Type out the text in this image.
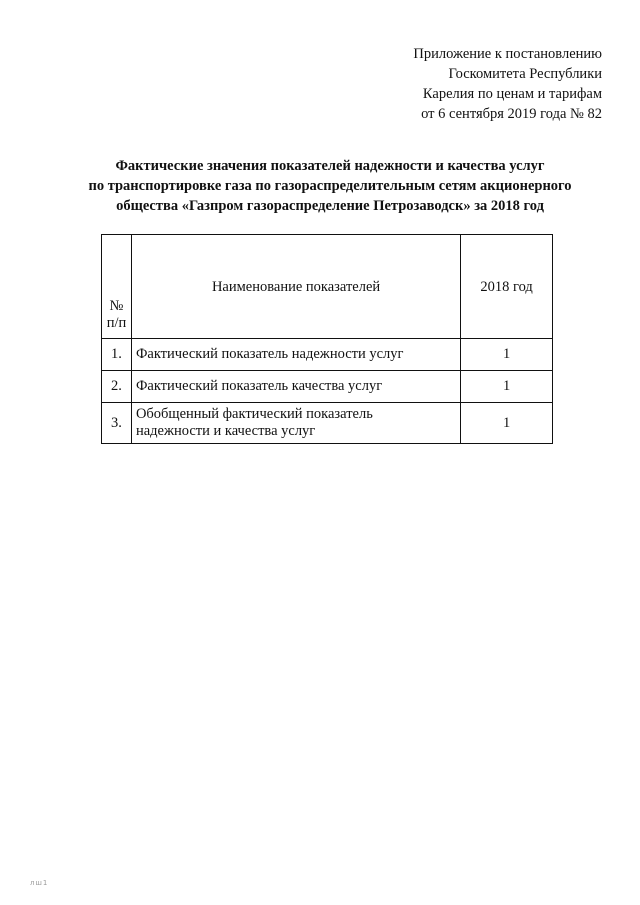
Приложение к постановлению
Госкомитета Республики
Карелия по ценам и тарифам
от 6 сентября 2019 года № 82
Фактические значения показателей надежности и качества услуг
по транспортировке газа по газораспределительным сетям акционерного
общества «Газпром газораспределение Петрозаводск» за 2018 год
№
п/п	Наименование показателей	2018 год
1.	Фактический показатель надежности услуг	1
2.	Фактический показатель качества услуг	1
3.	Обобщенный фактический показатель
надежности и качества услуг	1
лш1
